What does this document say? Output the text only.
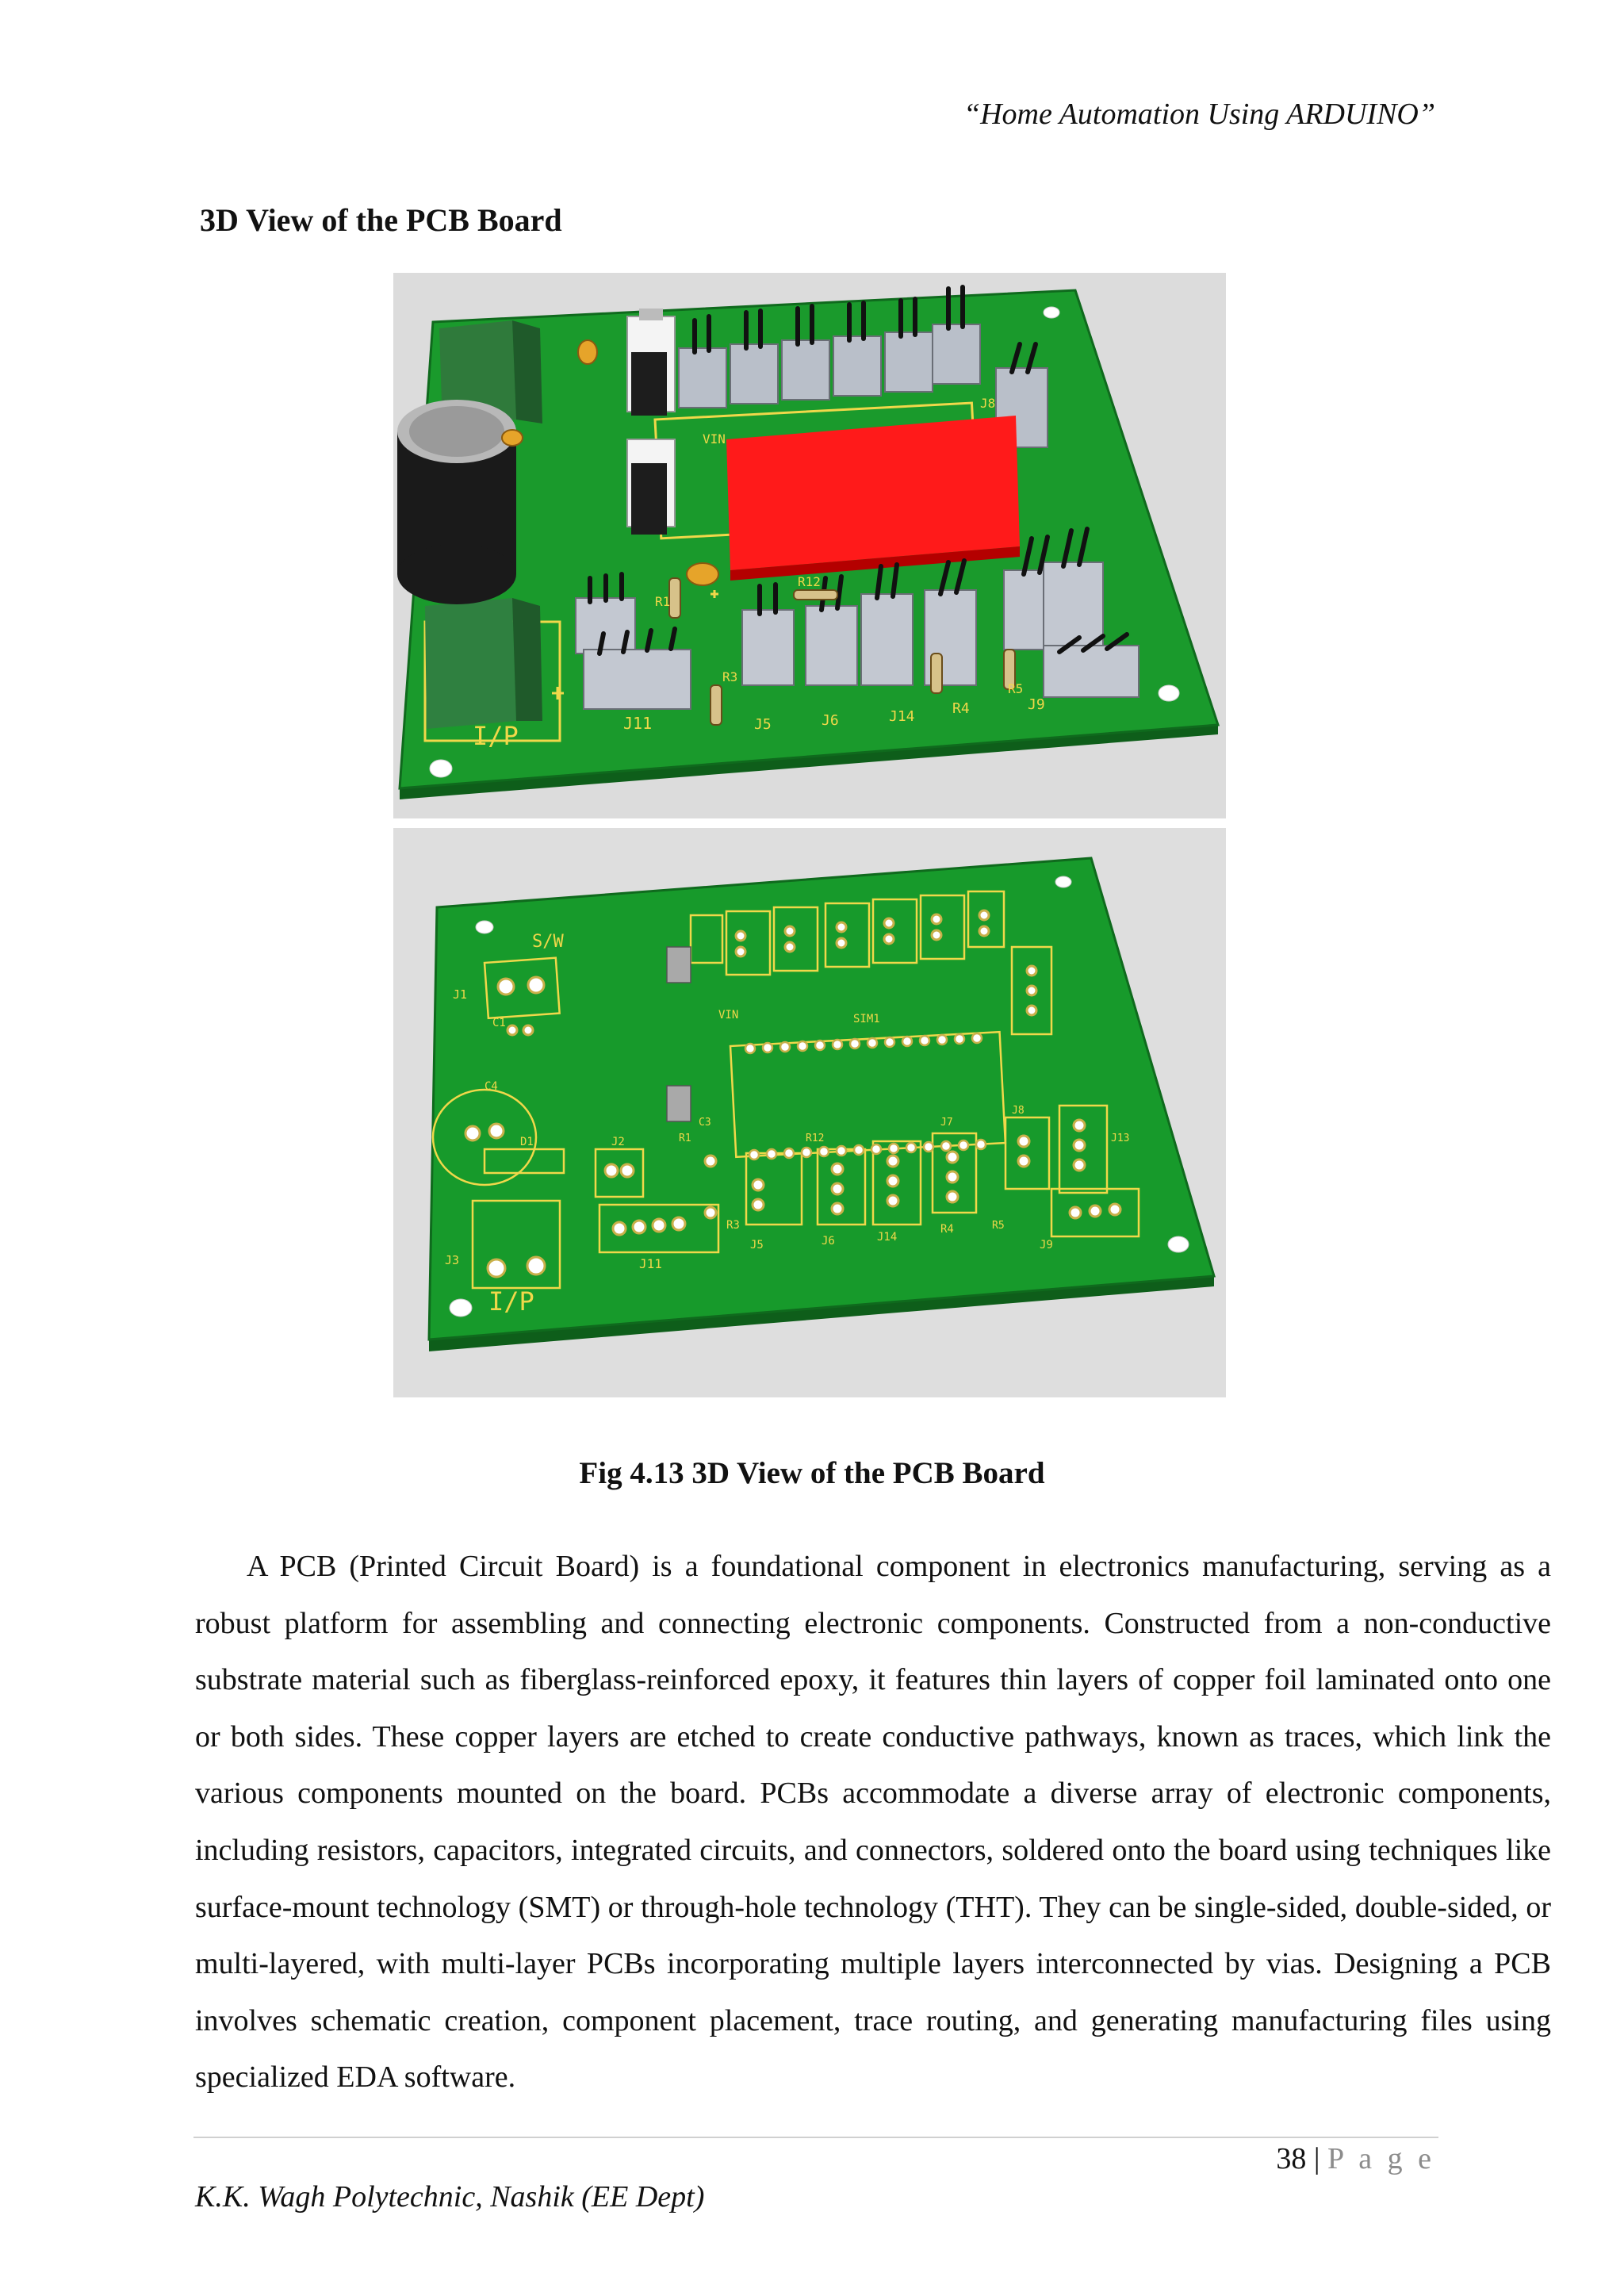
“Home Automation Using ARDUINO”
3D View of the PCB Board
I/P	J11	J5	J6	J14	R4	J9
R3
R1
R12
VIN
J8
R5
S/W
J1
C1
C4
D1	J2
J3
I/P
J11
R3
J5	J6	J14
R4
J9
R1
C3
R12
VIN	SIM1
J7
J8
J13
R5
Fig 4.13 3D View of the PCB Board

A PCB (Printed Circuit Board) is a foundational component in electronics manufacturing, serving as a robust platform for assembling and connecting electronic components. Constructed from a non-conductive substrate material such as fiberglass-reinforced epoxy, it features thin layers of copper foil laminated onto one or both sides. These copper layers are etched to create conductive pathways, known as traces, which link the various components mounted on the board. PCBs accommodate a diverse array of electronic components, including resistors, capacitors, integrated circuits, and connectors, soldered onto the board using techniques like surface-mount technology (SMT) or through-hole technology (THT). They can be single-sided, double-sided, or multi-layered, with multi-layer PCBs incorporating multiple layers interconnected by vias. Designing a PCB involves schematic creation, component placement, trace routing, and generating manufacturing files using specialized EDA software.

38 | P a g e
K.K. Wagh Polytechnic, Nashik (EE Dept)
